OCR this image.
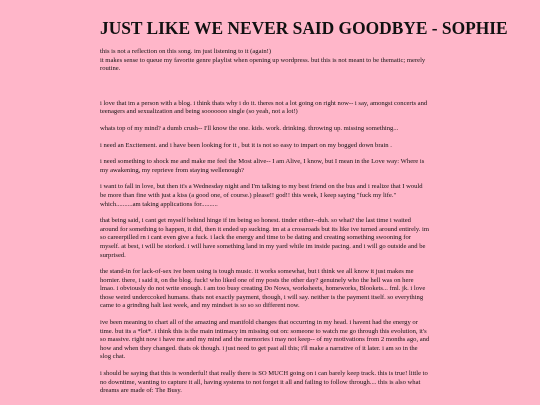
JUST LIKE WE NEVER SAID GOODBYE - SOPHIE

this is not a reflection on this song. im just listening to it (again!)
it makes sense to queue my favorite genre playlist when opening up wordpress. but this is not meant to be thematic; merely
routine.

i love that im a person with a blog. i think thats why i do it. theres not a lot going on right now-- i say, amongst concerts and
teenagers and sexualization and being sooooooo single (so yeah, not a lot!)

whats top of my mind? a dumb crush-- I'll know the one. kids. work. drinking. throwing up. missing something...

i need an Excitement. and i have been looking for it , but it is not so easy to impart on my bogged down brain .

i need something to shock me and make me feel the Most alive-- I am Alive, I know, but I mean in the Love way: Where is
my awakening, my reprieve from staying wellenough?

i want to fall in love, but then it's a Wednesday night and I'm talking to my best friend on the bus and i realize that I would
be more than fine with just a kiss (a good one, of course.) please!! god!! this week, I keep saying "fuck my life."
which..........am taking applications for..........

that being said, i cant get myself behind hinge if im being so honest. tinder either--duh. so what? the last time i waited
around for something to happen, it did, then it ended up sucking. im at a crossroads but its like ive turned around entirely. im
so careerpilled rn i cant even give a fuck. i lack the energy and time to be dating and creating something swooning for
myself. at best, i will be storked. i will have something land in my yard while im inside pacing. and i will go outside and be
surprised.

the stand-in for lack-of-sex ive been using is tough music. it works somewhat, but i think we all know it just makes me
hornier. there, i said it, on the blog. fuck! who liked one of my posts the other day? genuinely who the hell was on here
lmao. i obviously do not write enough. i am too busy creating Do Nows, worksheets, homeworks, Blookets... fml. jk. i love
those weird underccoked humans. thats not exactly payment, though, i will say. neither is the payment itself. so everything
came to a grinding halt last week, and my mindset is so so so different now.

ive been meaning to chart all of the amazing and manifold changes that occurring in my head. i havent had the energy or
time. but its a *lot*. i think this is the main intimacy im missing out on: someone to watch me go through this evolution, it's
so massive. right now i have me and my mind and the memories i may not keep-- of my motivations from 2 months ago, and
how and when they changed. thats ok though. i just need to get past all this; i'll make a narrative of it later. i am so in the
slog chat.

i should be saying that this is wonderful! that really there is SO MUCH going on i can barely keep track. this is true! little to
no downtime, wanting to capture it all, having systems to not forget it all and failing to follow through.... this is also what
dreams are made of: The Busy.
